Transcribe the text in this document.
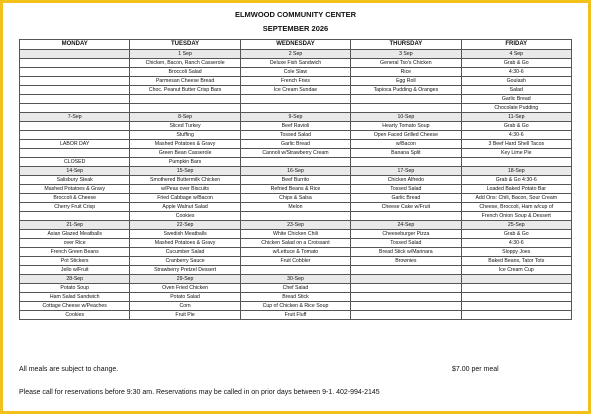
ELMWOOD COMMUNITY CENTER
SEPTEMBER 2026
MONDAY	TUESDAY	WEDNESDAY	THURSDAY	FRIDAY
	1 Sep	2 Sep	3 Sep	4 Sep
	Chicken, Bacon, Ranch Casserole	Deluxe Fish Sandwich	General Tso's Chicken	Grab & Go
	Broccoli Salad	Cole Slaw	Rice	4:30-6
	Parmesan Cheese Bread	French Fries	Egg Roll	Goulash
	Choc. Peanut Butter Crisp Bars	Ice Cream Sundae	Tapioca Pudding & Oranges	Salad
				Garlic Bread
				Chocolate Pudding
7-Sep	8-Sep	9-Sep	10-Sep	11-Sep
	Sliced Turkey	Beef Ravioli	Hearty Tomato Soup	Grab & Go
	Stuffing	Tossed Salad	Open Faced Grilled Cheese	4:30-6
LABOR DAY	Mashed Potatoes & Gravy	Garlic Bread	w/Bacon	3 Beef Hard Shell Tacos
	Green Bean Casserole	Cannoli w/Strawberry Cream	Banana Split	Key Lime Pie
CLOSED	Pumpkin Bars			
14-Sep	15-Sep	16-Sep	17-Sep	18-Sep
Salisbury Steak	Smothered Buttermilk Chicken	Beef Burrito	Chicken Alfredo	Grab & Go 4:30-6
Mashed Potatoes & Gravy	w/Peas over Biscuits	Refried Beans & Rice	Tossed Salad	Loaded Baked Potato Bar
Broccoli & Cheese	Fried Cabbage w/Bacon	Chips & Salsa	Garlic Bread	Add Ons: Chili, Bacon, Sour Cream
Cherry Fruit Crisp	Apple Walnut Salad	Melon	Cheese Cake w/Fruit	Cheese, Broccoli, Ham w/cup of
	Cookies			French Onion Soup & Dessert
21-Sep	22-Sep	23-Sep	24-Sep	25-Sep
Asian Glazed Meatballs	Swedish Meatballs	White Chicken Chili	Cheeseburger Pizza	Grab & Go
over Rice	Mashed Potatoes & Gravy	Chicken Salad on a Croissant	Tossed Salad	4:30-6
French Green Beans	Cucumber Salad	w/Lettuce & Tomato	Bread Stick w/Marinara	Sloppy Joes
Pot Stickers	Cranberry Sauce	Fruit Cobbler	Brownies	Baked Beans, Tator Tots
Jello w/Fruit	Strawberry Pretzel Dessert			Ice Cream Cup
28-Sep	29-Sep	30-Sep		
Potato Soup	Oven Fried Chicken	Chef Salad		
Ham Salad Sandwich	Potato Salad	Bread Stick		
Cottage Cheese w/Peaches	Corn	Cup of Chicken & Rice Soup		
Cookies	Fruit Pie	Fruit Fluff		
All meals are subject to change.	$7.00 per meal
Please call for reservations before 9:30 am. Reservations may be called in on prior days between 9-1. 402-994-2145
